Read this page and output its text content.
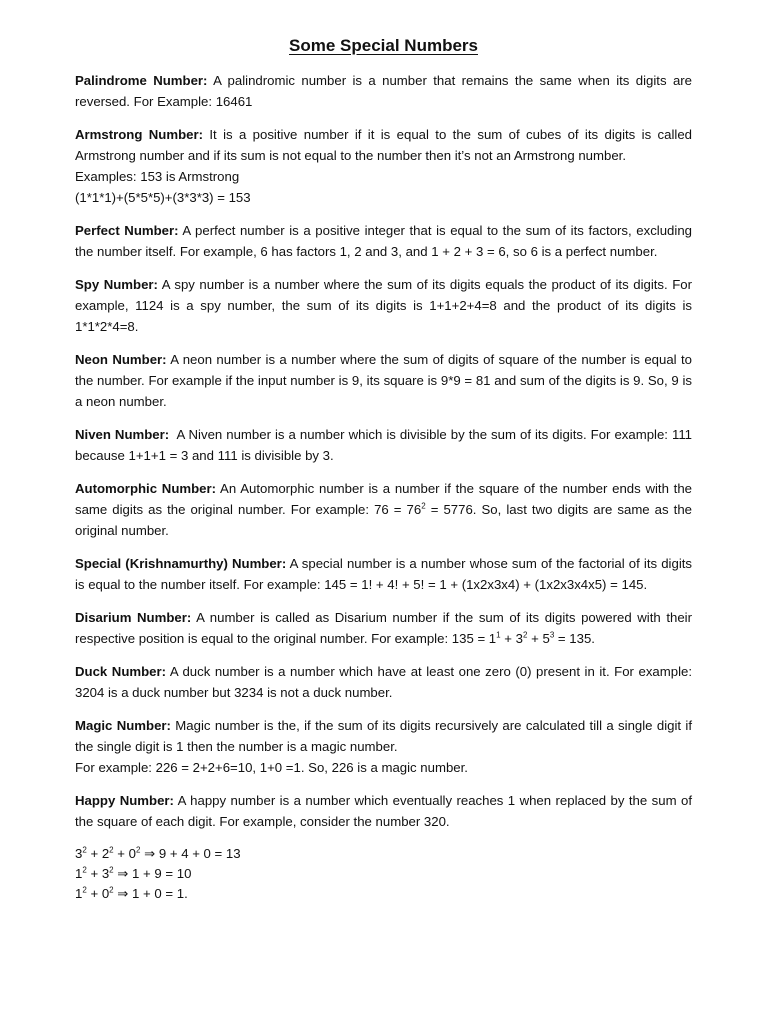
Some Special Numbers
Palindrome Number: A palindromic number is a number that remains the same when its digits are reversed. For Example: 16461
Armstrong Number: It is a positive number if it is equal to the sum of cubes of its digits is called Armstrong number and if its sum is not equal to the number then it’s not an Armstrong number.
Examples: 153 is Armstrong
(1*1*1)+(5*5*5)+(3*3*3) = 153
Perfect Number: A perfect number is a positive integer that is equal to the sum of its factors, excluding the number itself. For example, 6 has factors 1, 2 and 3, and 1 + 2 + 3 = 6, so 6 is a perfect number.
Spy Number: A spy number is a number where the sum of its digits equals the product of its digits. For example, 1124 is a spy number, the sum of its digits is 1+1+2+4=8 and the product of its digits is 1*1*2*4=8.
Neon Number: A neon number is a number where the sum of digits of square of the number is equal to the number. For example if the input number is 9, its square is 9*9 = 81 and sum of the digits is 9. So, 9 is a neon number.
Niven Number:  A Niven number is a number which is divisible by the sum of its digits. For example: 111 because 1+1+1 = 3 and 111 is divisible by 3.
Automorphic Number: An Automorphic number is a number if the square of the number ends with the same digits as the original number. For example: $76 = 76^2 = 5776$. So, last two digits are same as the original number.
Special (Krishnamurthy) Number: A special number is a number whose sum of the factorial of its digits is equal to the number itself. For example: 145 = 1! + 4! + 5! = 1 + (1x2x3x4) + (1x2x3x4x5) = 145.
Disarium Number: A number is called as Disarium number if the sum of its digits powered with their respective position is equal to the original number. For example: $135 = 1^1 + 3^2 + 5^3 = 135$.
Duck Number: A duck number is a number which have at least one zero (0) present in it. For example: 3204 is a duck number but 3234 is not a duck number.
Magic Number: Magic number is the, if the sum of its digits recursively are calculated till a single digit if the single digit is 1 then the number is a magic number.
For example: 226 = 2+2+6=10, 1+0 =1. So, 226 is a magic number.
Happy Number: A happy number is a number which eventually reaches 1 when replaced by the sum of the square of each digit. For example, consider the number 320.
$3^2 + 2^2 + 0^2$ ⇒ 9 + 4 + 0 = 13
$1^2 + 3^2$ ⇒ 1 + 9 = 10
$1^2 + 0^2$ ⇒ 1 + 0 = 1.
